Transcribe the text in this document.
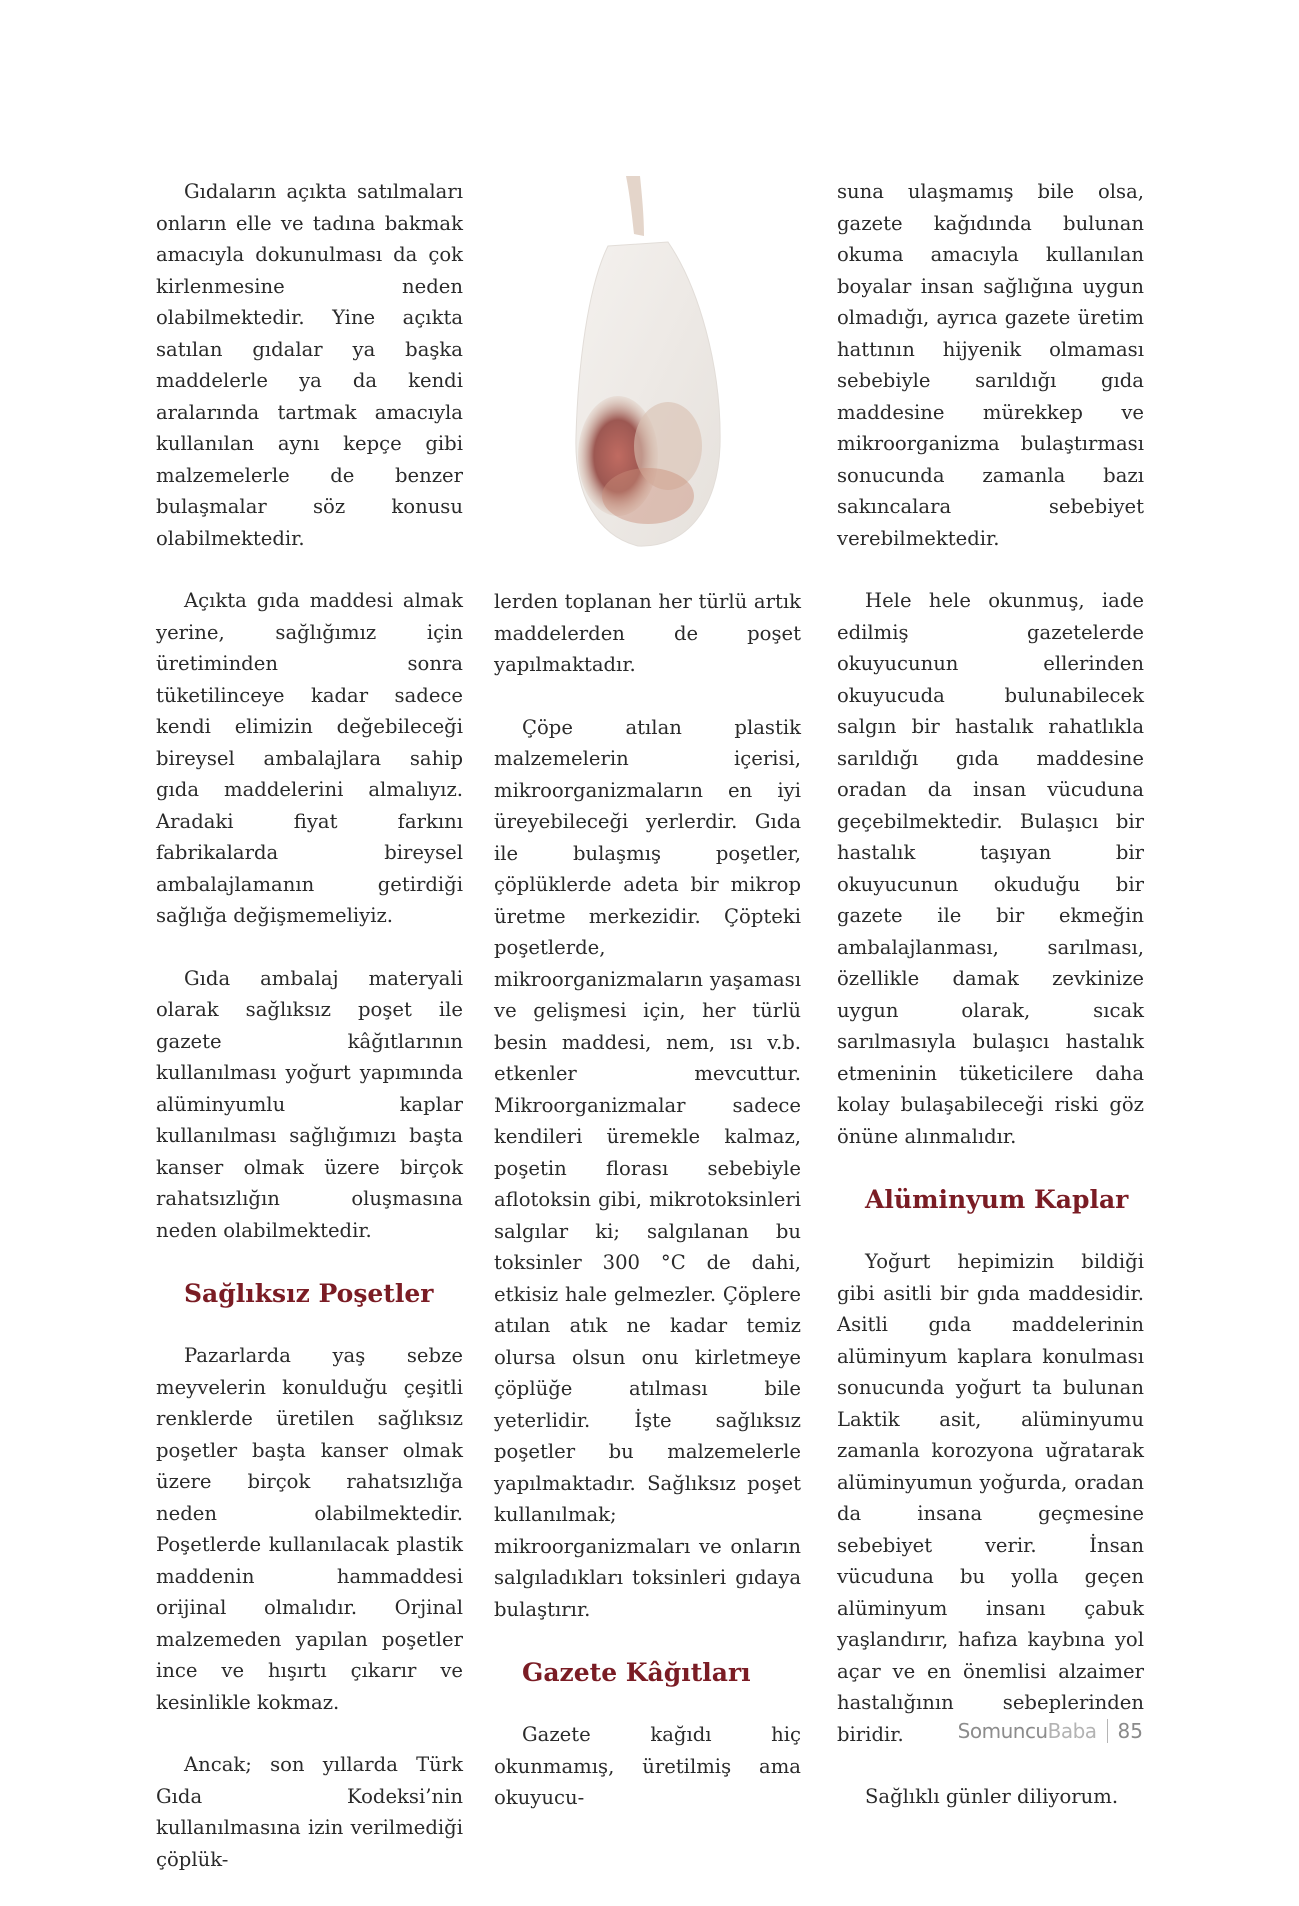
Gıdaların açıkta satılmaları onların elle ve tadına bakmak amacıyla dokunulması da çok kirlenmesine neden olabilmektedir. Yine açıkta satılan gıdalar ya başka maddelerle ya da kendi aralarında tartmak amacıyla kullanılan aynı kepçe gibi malzemelerle de benzer bulaşmalar söz konusu olabilmektedir.

Açıkta gıda maddesi almak yerine, sağlığımız için üretiminden sonra tüketilinceye kadar sadece kendi elimizin değebileceği bireysel ambalajlara sahip gıda maddelerini almalıyız. Aradaki fiyat farkını fabrikalarda bireysel ambalajlamanın getirdiği sağlığa değişmemeliyiz.

Gıda ambalaj materyali olarak sağlıksız poşet ile gazete kâğıtlarının kullanılması yoğurt yapımında alüminyumlu kaplar kullanılması sağlığımızı başta kanser olmak üzere birçok rahatsızlığın oluşmasına neden olabilmektedir.

Sağlıksız Poşetler

Pazarlarda yaş sebze meyvelerin konulduğu çeşitli renklerde üretilen sağlıksız poşetler başta kanser olmak üzere birçok rahatsızlığa neden olabilmektedir. Poşetlerde kullanılacak plastik maddenin hammaddesi orijinal olmalıdır. Orjinal malzemeden yapılan poşetler ince ve hışırtı çıkarır ve kesinlikle kokmaz.

Ancak; son yıllarda Türk Gıda Kodeksi’nin kullanılmasına izin verilmediği çöplük-

lerden toplanan her türlü artık maddelerden de poşet yapılmaktadır.

Çöpe atılan plastik malzemelerin içerisi, mikroorganizmaların en iyi üreyebileceği yerlerdir. Gıda ile bulaşmış poşetler, çöplüklerde adeta bir mikrop üretme merkezidir. Çöpteki poşetlerde, mikroorganizmaların yaşaması ve gelişmesi için, her türlü besin maddesi, nem, ısı v.b. etkenler mevcuttur. Mikroorganizmalar sadece kendileri üremekle kalmaz, poşetin florası sebebiyle aflotoksin gibi, mikrotoksinleri salgılar ki; salgılanan bu toksinler 300 °C de dahi, etkisiz hale gelmezler. Çöplere atılan atık ne kadar temiz olursa olsun onu kirletmeye çöplüğe atılması bile yeterlidir. İşte sağlıksız poşetler bu malzemelerle yapılmaktadır. Sağlıksız poşet kullanılmak; mikroorganizmaları ve onların salgıladıkları toksinleri gıdaya bulaştırır.

Gazete Kâğıtları

Gazete kağıdı hiç okunmamış, üretilmiş ama okuyucu-

suna ulaşmamış bile olsa, gazete kağıdında bulunan okuma amacıyla kullanılan boyalar insan sağlığına uygun olmadığı, ayrıca gazete üretim hattının hijyenik olmaması sebebiyle sarıldığı gıda maddesine mürekkep ve mikroorganizma bulaştırması sonucunda zamanla bazı sakıncalara sebebiyet verebilmektedir.

Hele hele okunmuş, iade edilmiş gazetelerde okuyucunun ellerinden okuyucuda bulunabilecek salgın bir hastalık rahatlıkla sarıldığı gıda maddesine oradan da insan vücuduna geçebilmektedir. Bulaşıcı bir hastalık taşıyan bir okuyucunun okuduğu bir gazete ile bir ekmeğin ambalajlanması, sarılması, özellikle damak zevkinize uygun olarak, sıcak sarılmasıyla bulaşıcı hastalık etmeninin tüketicilere daha kolay bulaşabileceği riski göz önüne alınmalıdır.

Alüminyum Kaplar

Yoğurt hepimizin bildiği gibi asitli bir gıda maddesidir. Asitli gıda maddelerinin alüminyum kaplara konulması sonucunda yoğurt ta bulunan Laktik asit, alüminyumu zamanla korozyona uğratarak alüminyumun yoğurda, oradan da insana geçmesine sebebiyet verir. İnsan vücuduna bu yolla geçen alüminyum insanı çabuk yaşlandırır, hafıza kaybına yol açar ve en önemlisi alzaimer hastalığının sebeplerinden biridir.

Sağlıklı günler diliyorum.

SomuncuBaba 85
